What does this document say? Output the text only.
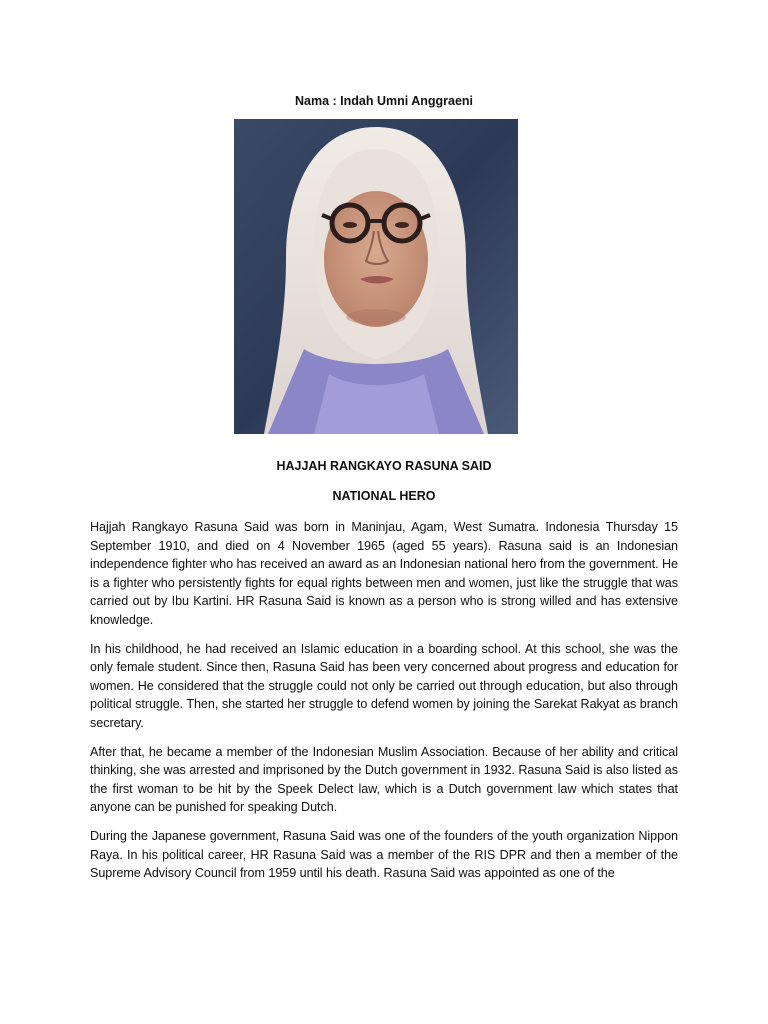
Nama : Indah Umni Anggraeni
HAJJAH RANGKAYO RASUNA SAID
NATIONAL HERO

Hajjah Rangkayo Rasuna Said was born in Maninjau, Agam, West Sumatra. Indonesia Thursday 15 September 1910, and died on 4 November 1965 (aged 55 years). Rasuna said is an Indonesian independence fighter who has received an award as an Indonesian national hero from the government. He is a fighter who persistently fights for equal rights between men and women, just like the struggle that was carried out by Ibu Kartini. HR Rasuna Said is known as a person who is strong willed and has extensive knowledge.

In his childhood, he had received an Islamic education in a boarding school. At this school, she was the only female student. Since then, Rasuna Said has been very concerned about progress and education for women. He considered that the struggle could not only be carried out through education, but also through political struggle. Then, she started her struggle to defend women by joining the Sarekat Rakyat as branch secretary.

After that, he became a member of the Indonesian Muslim Association. Because of her ability and critical thinking, she was arrested and imprisoned by the Dutch government in 1932. Rasuna Said is also listed as the first woman to be hit by the Speek Delect law, which is a Dutch government law which states that anyone can be punished for speaking Dutch.

During the Japanese government, Rasuna Said was one of the founders of the youth organization Nippon Raya. In his political career, HR Rasuna Said was a member of the RIS DPR and then a member of the Supreme Advisory Council from 1959 until his death. Rasuna Said was appointed as one of the
